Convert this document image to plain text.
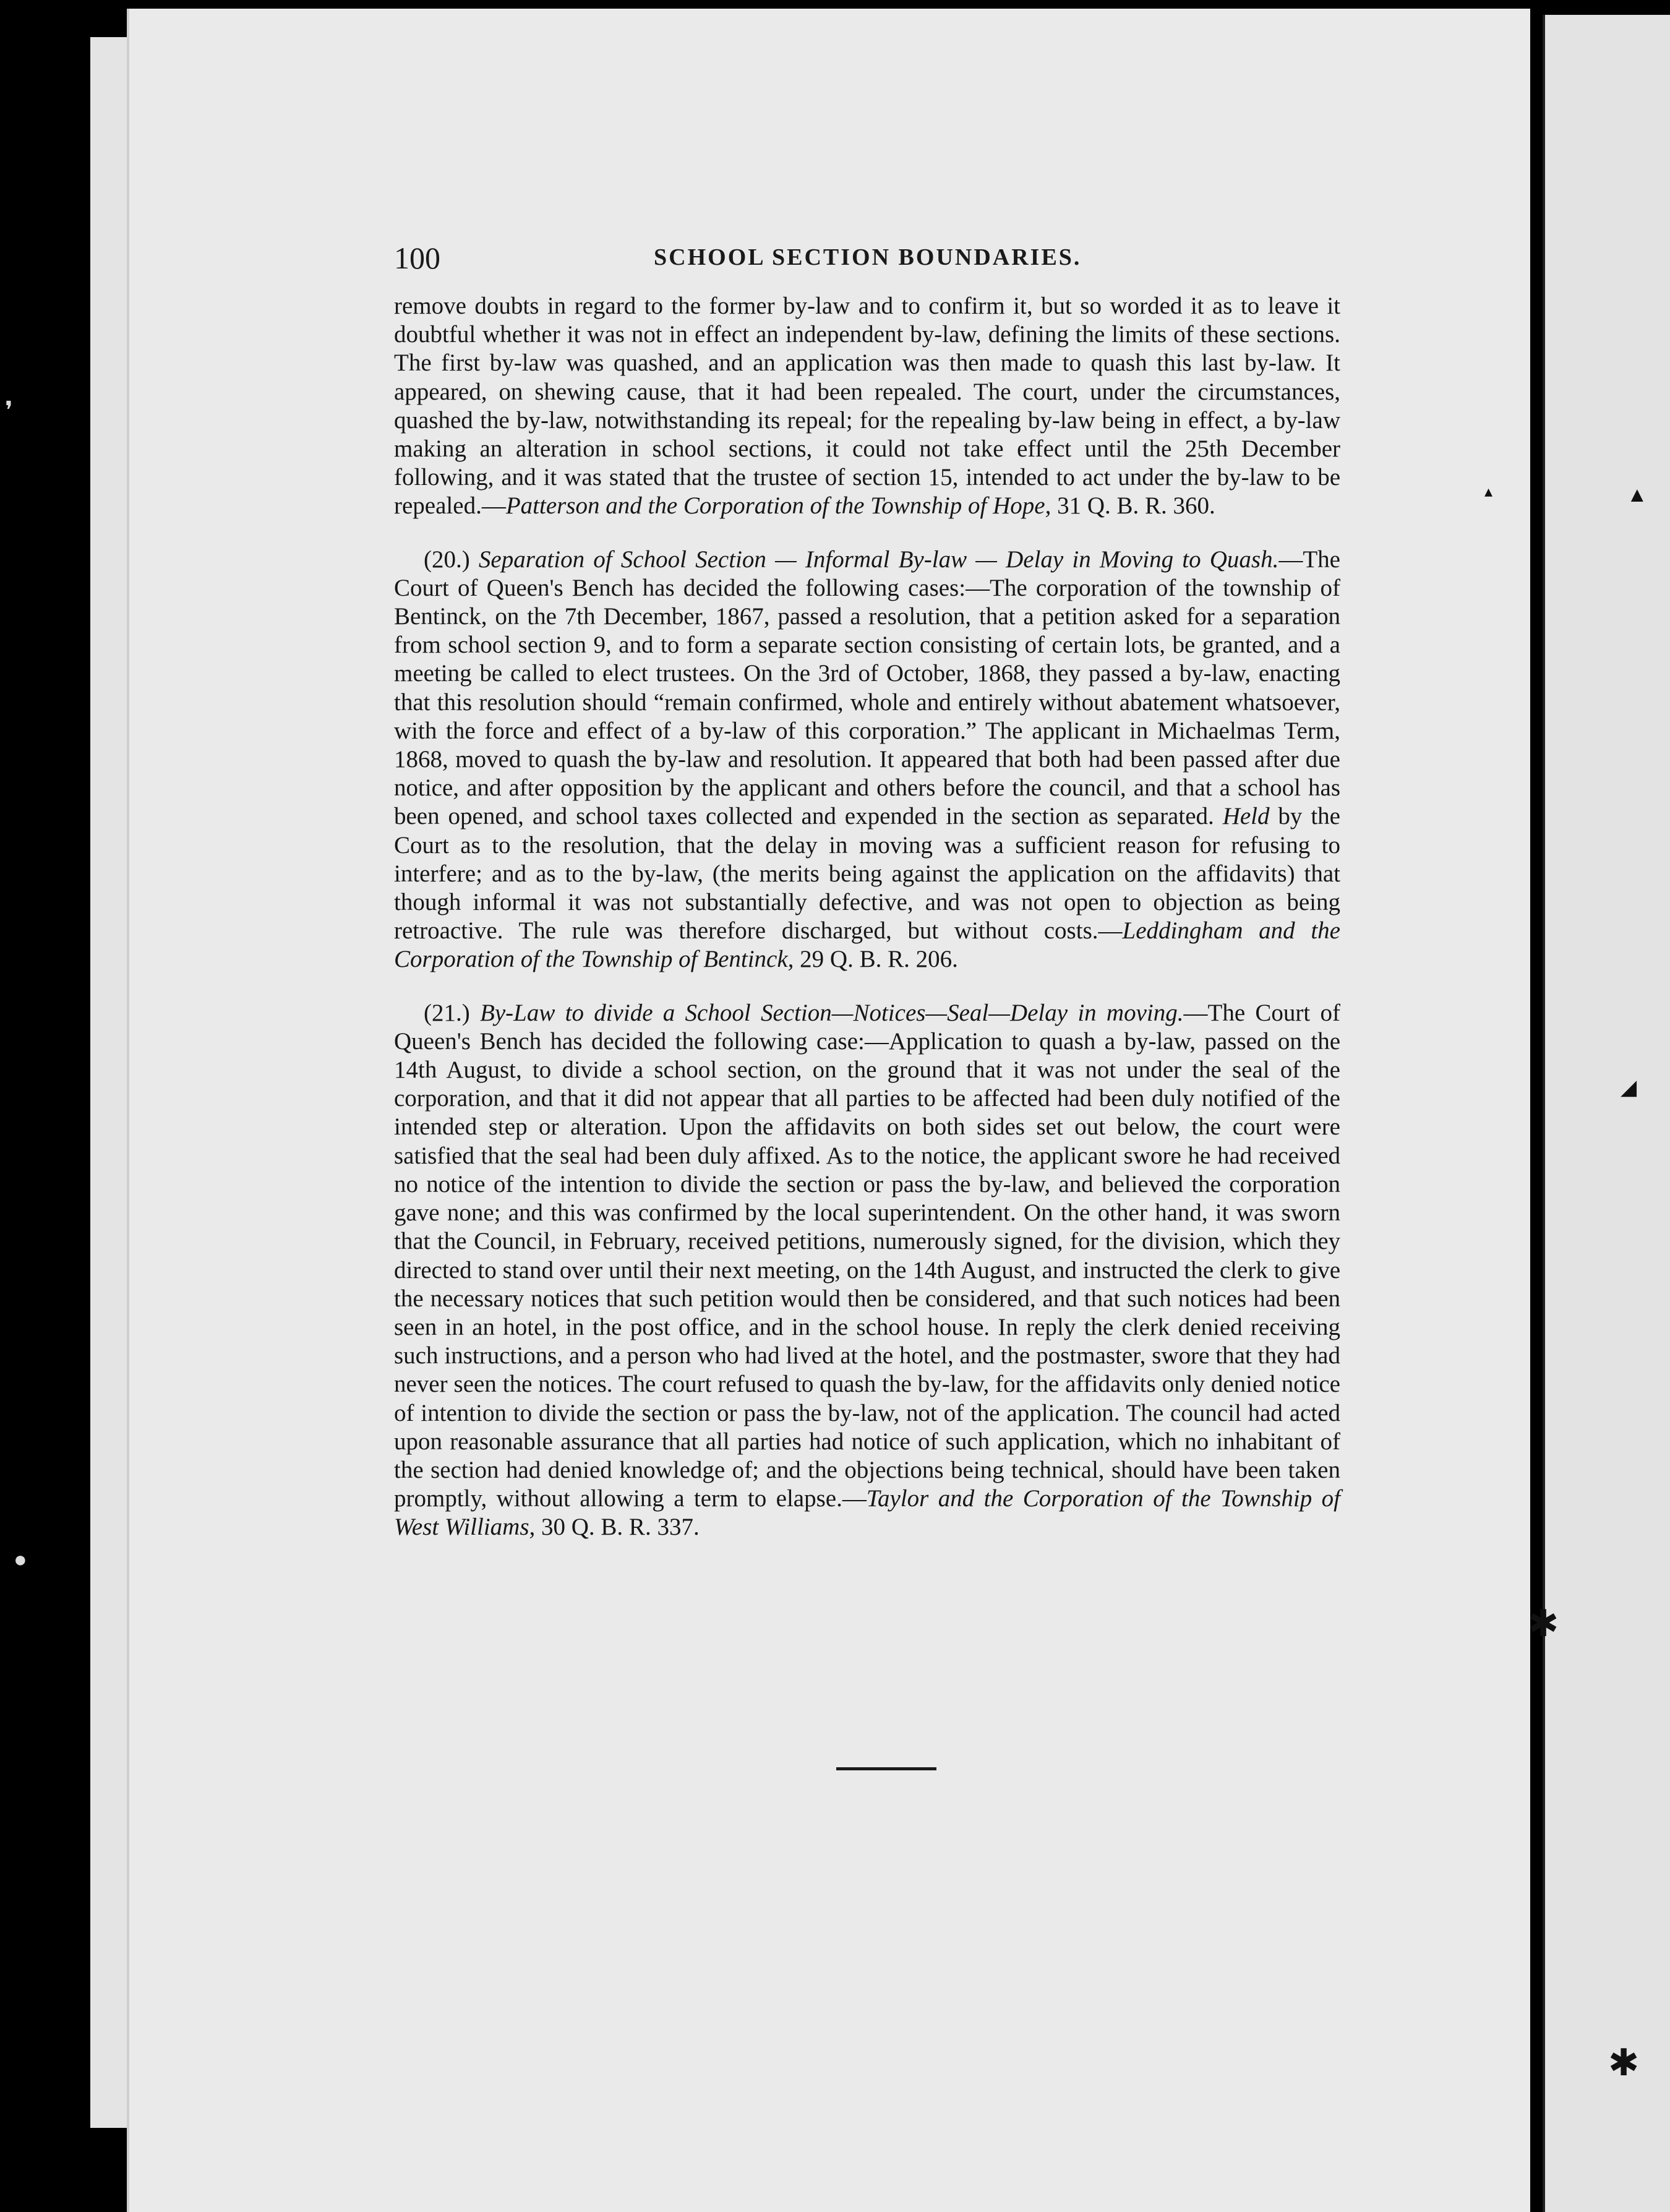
100	SCHOOL SECTION BOUNDARIES.

remove doubts in regard to the former by-law and to confirm it, but so worded it as to leave it doubtful whether it was not in effect an independent by-law, defining the limits of these sections. The first by-law was quashed, and an application was then made to quash this last by-law. It appeared, on shewing cause, that it had been repealed. The court, under the circumstances, quashed the by-law, notwithstanding its repeal; for the repealing by-law being in effect, a by-law making an alteration in school sections, it could not take effect until the 25th December following, and it was stated that the trustee of section 15, intended to act under the by-law to be repealed.—Patterson and the Corporation of the Township of Hope, 31 Q. B. R. 360.

(20.) Separation of School Section — Informal By-law — Delay in Moving to Quash.—The Court of Queen's Bench has decided the following cases:—The corporation of the township of Bentinck, on the 7th December, 1867, passed a resolution, that a petition asked for a separation from school section 9, and to form a separate section consisting of certain lots, be granted, and a meeting be called to elect trustees. On the 3rd of October, 1868, they passed a by-law, enacting that this resolution should “remain confirmed, whole and entirely without abatement whatsoever, with the force and effect of a by-law of this corporation.” The applicant in Michaelmas Term, 1868, moved to quash the by-law and resolution. It appeared that both had been passed after due notice, and after opposition by the applicant and others before the council, and that a school has been opened, and school taxes collected and expended in the section as separated. Held by the Court as to the resolution, that the delay in moving was a sufficient reason for refusing to interfere; and as to the by-law, (the merits being against the application on the affidavits) that though informal it was not substantially defective, and was not open to objection as being retroactive. The rule was therefore discharged, but without costs.—Leddingham and the Corporation of the Township of Bentinck, 29 Q. B. R. 206.

(21.) By-Law to divide a School Section—Notices—Seal—Delay in moving.—The Court of Queen's Bench has decided the following case:—Application to quash a by-law, passed on the 14th August, to divide a school section, on the ground that it was not under the seal of the corporation, and that it did not appear that all parties to be affected had been duly notified of the intended step or alteration. Upon the affidavits on both sides set out below, the court were satisfied that the seal had been duly affixed. As to the notice, the applicant swore he had received no notice of the intention to divide the section or pass the by-law, and believed the corporation gave none; and this was confirmed by the local superintendent. On the other hand, it was sworn that the Council, in February, received petitions, numerously signed, for the division, which they directed to stand over until their next meeting, on the 14th August, and instructed the clerk to give the necessary notices that such petition would then be considered, and that such notices had been seen in an hotel, in the post office, and in the school house. In reply the clerk denied receiving such instructions, and a person who had lived at the hotel, and the postmaster, swore that they had never seen the notices. The court refused to quash the by-law, for the affidavits only denied notice of intention to divide the section or pass the by-law, not of the application. The council had acted upon reasonable assurance that all parties had notice of such application, which no inhabitant of the section had denied knowledge of; and the objections being technical, should have been taken promptly, without allowing a term to elapse.—Taylor and the Corporation of the Township of West Williams, 30 Q. B. R. 337.

▲
▴
◢
✱
✱
❜
●
